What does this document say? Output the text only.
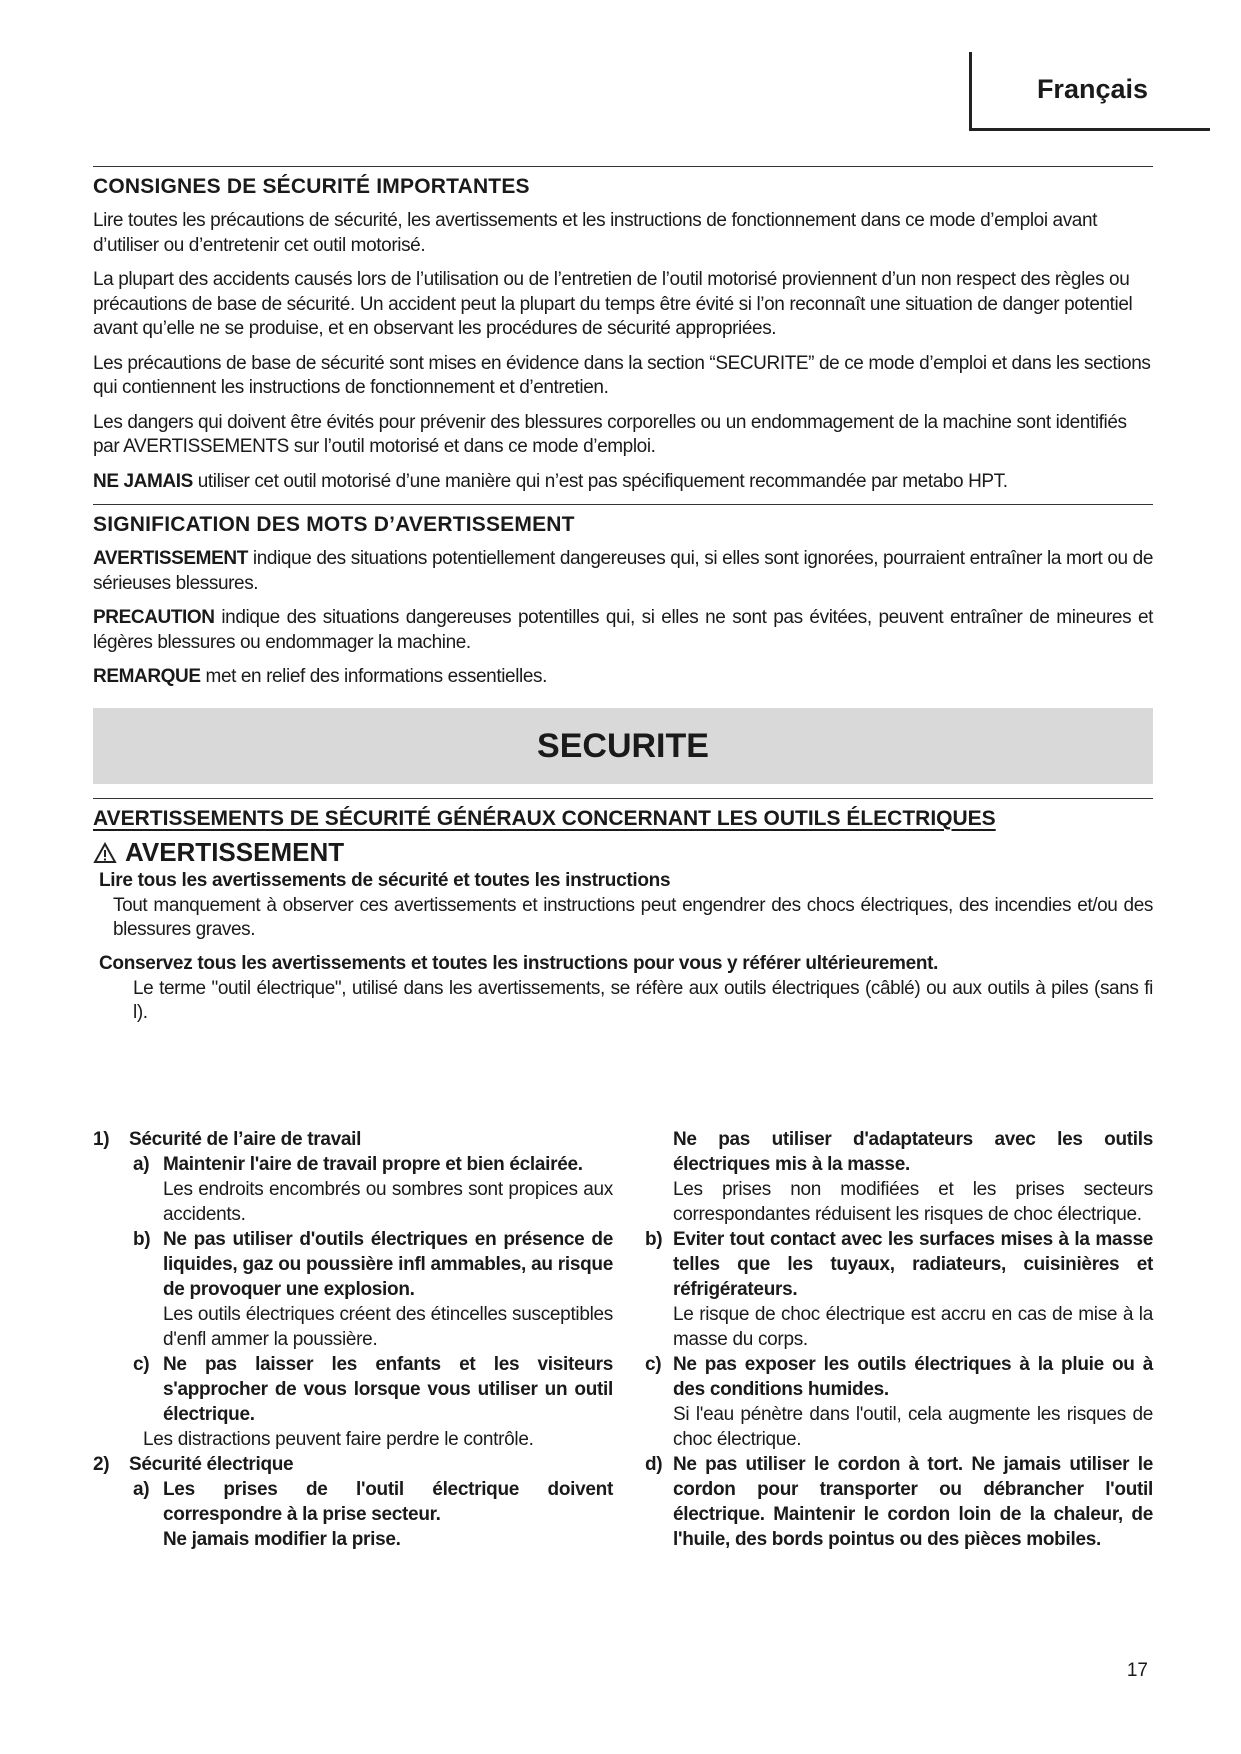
Français
CONSIGNES DE SÉCURITÉ IMPORTANTES

Lire toutes les précautions de sécurité, les avertissements et les instructions de fonctionnement dans ce mode d’emploi avant d’utiliser ou d’entretenir cet outil motorisé.

La plupart des accidents causés lors de l’utilisation ou de l’entretien de l’outil motorisé proviennent d’un non respect des règles ou précautions de base de sécurité. Un accident peut la plupart du temps être évité si l’on reconnaît une situation de danger potentiel avant qu’elle ne se produise, et en observant les procédures de sécurité appropriées.

Les précautions de base de sécurité sont mises en évidence dans la section “SECURITE” de ce mode d’emploi et dans les sections qui contiennent les instructions de fonctionnement et d’entretien.

Les dangers qui doivent être évités pour prévenir des blessures corporelles ou un endommagement de la machine sont identifiés par AVERTISSEMENTS sur l’outil motorisé et dans ce mode d’emploi.

NE JAMAIS utiliser cet outil motorisé d’une manière qui n’est pas spécifiquement recommandée par metabo HPT.

SIGNIFICATION DES MOTS D’AVERTISSEMENT

AVERTISSEMENT indique des situations potentiellement dangereuses qui, si elles sont ignorées, pourraient entraîner la mort ou de sérieuses blessures.

PRECAUTION indique des situations dangereuses potentilles qui, si elles ne sont pas évitées, peuvent entraîner de mineures et légères blessures ou endommager la machine.

REMARQUE met en relief des informations essentielles.

SECURITE
AVERTISSEMENTS DE SÉCURITÉ GÉNÉRAUX CONCERNANT LES OUTILS ÉLECTRIQUES
AVERTISSEMENT
Lire tous les avertissements de sécurité et toutes les instructions

Tout manquement à observer ces avertissements et instructions peut engendrer des chocs électriques, des incendies et/ou des blessures graves.

Conservez tous les avertissements et toutes les instructions pour vous y référer ultérieurement.

Le terme "outil électrique", utilisé dans les avertissements, se réfère aux outils électriques (câblé) ou aux outils à piles (sans fi l).

1)	Sécurité de l’aire de travail
a) Maintenir l'aire de travail propre et bien éclairée.
Les endroits encombrés ou sombres sont propices aux accidents.
b) Ne pas utiliser d'outils électriques en présence de liquides, gaz ou poussière infl ammables, au risque de provoquer une explosion.
Les outils électriques créent des étincelles susceptibles d'enfl ammer la poussière.
c) Ne pas laisser les enfants et les visiteurs s'approcher de vous lorsque vous utiliser un outil électrique.
Les distractions peuvent faire perdre le contrôle.
2)	Sécurité électrique
a) Les prises de l'outil électrique doivent correspondre à la prise secteur.
Ne jamais modifier la prise.
Ne pas utiliser d'adaptateurs avec les outils électriques mis à la masse.
Les prises non modifiées et les prises secteurs correspondantes réduisent les risques de choc électrique.
b) Eviter tout contact avec les surfaces mises à la masse telles que les tuyaux, radiateurs, cuisinières et réfrigérateurs.
Le risque de choc électrique est accru en cas de mise à la masse du corps.
c) Ne pas exposer les outils électriques à la pluie ou à des conditions humides.
Si l'eau pénètre dans l'outil, cela augmente les risques de choc électrique.
d) Ne pas utiliser le cordon à tort. Ne jamais utiliser le cordon pour transporter ou débrancher l'outil électrique. Maintenir le cordon loin de la chaleur, de l'huile, des bords pointus ou des pièces mobiles.
17
